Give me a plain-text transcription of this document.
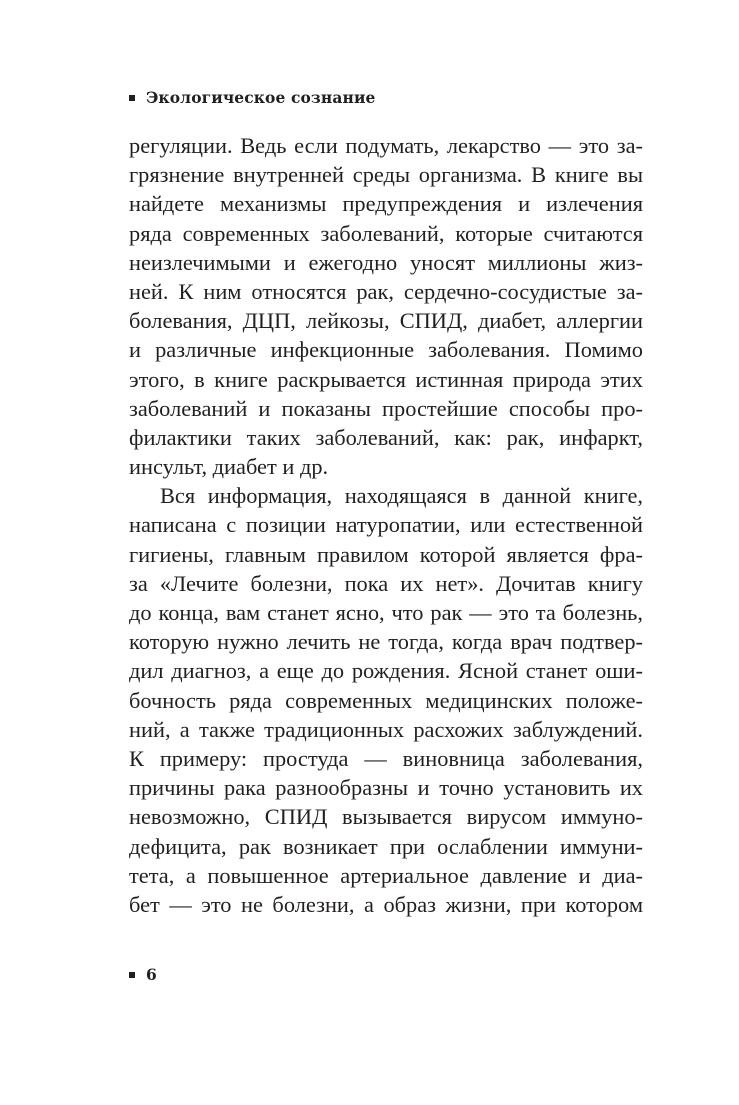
Экологическое сознание
регуляции. Ведь если подумать, лекарство — это за-
грязнение внутренней среды организма. В книге вы
найдете механизмы предупреждения и излечения
ряда современных заболеваний, которые считаются
неизлечимыми и ежегодно уносят миллионы жиз-
ней. К ним относятся рак, сердечно-сосудистые за-
болевания, ДЦП, лейкозы, СПИД, диабет, аллергии
и различные инфекционные заболевания. Помимо
этого, в книге раскрывается истинная природа этих
заболеваний и показаны простейшие способы про-
филактики таких заболеваний, как: рак, инфаркт,
инсульт, диабет и др.
Вся информация, находящаяся в данной книге,
написана с позиции натуропатии, или естественной
гигиены, главным правилом которой является фра-
за «Лечите болезни, пока их нет». Дочитав книгу
до конца, вам станет ясно, что рак — это та болезнь,
которую нужно лечить не тогда, когда врач подтвер-
дил диагноз, а еще до рождения. Ясной станет оши-
бочность ряда современных медицинских положе-
ний, а также традиционных расхожих заблуждений.
К примеру: простуда — виновница заболевания,
причины рака разнообразны и точно установить их
невозможно, СПИД вызывается вирусом иммуно-
дефицита, рак возникает при ослаблении иммуни-
тета, а повышенное артериальное давление и диа-
бет — это не болезни, а образ жизни, при котором
6
